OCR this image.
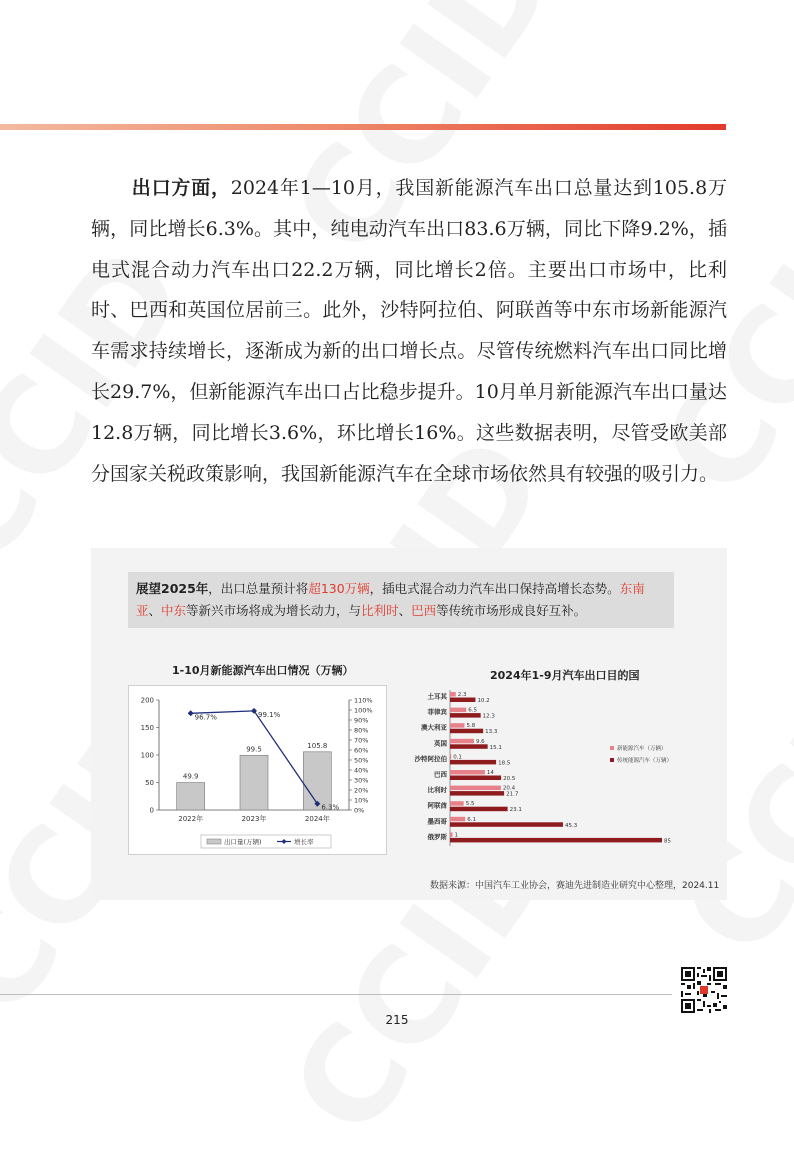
出口方面，2024年1—10月，我国新能源汽车出口总量达到105.8万辆，同比增长6.3%。其中，纯电动汽车出口83.6万辆，同比下降9.2%，插电式混合动力汽车出口22.2万辆，同比增长2倍。主要出口市场中，比利时、巴西和英国位居前三。此外，沙特阿拉伯、阿联酋等中东市场新能源汽车需求持续增长，逐渐成为新的出口增长点。尽管传统燃料汽车出口同比增长29.7%，但新能源汽车出口占比稳步提升。10月单月新能源汽车出口量达12.8万辆，同比增长3.6%，环比增长16%。这些数据表明，尽管受欧美部分国家关税政策影响，我国新能源汽车在全球市场依然具有较强的吸引力。

展望2025年，出口总量预计将超130万辆，插电式混合动力汽车出口保持高增长态势。东南亚、中东等新兴市场将成为增长动力，与比利时、巴西等传统市场形成良好互补。
1-10月新能源汽车出口情况（万辆）	2024年1-9月汽车出口目的国
0
50
100
150
200
0%
10%
20%
30%
40%
50%
60%
70%
80%
90%
100%
110%
49.9
2022年
99.5
2023年
105.8
2024年
96.7%	99.1%
6.3%
出口量(万辆)	增长率
土耳其 2.3
10.2
菲律宾	6.5
12.3
澳大利亚	5.8
13.3
英国	9.6
15.1
沙特阿拉伯 0.1
18.5
巴西	14
20.5
比利时	20.4
21.7
阿联酋	5.5
23.1
墨西哥	6.1
45.3
俄罗斯 1
85
新能源汽车（万辆）
传统能源汽车（万辆）
数据来源：中国汽车工业协会，赛迪先进制造业研究中心整理，2024.11
215
